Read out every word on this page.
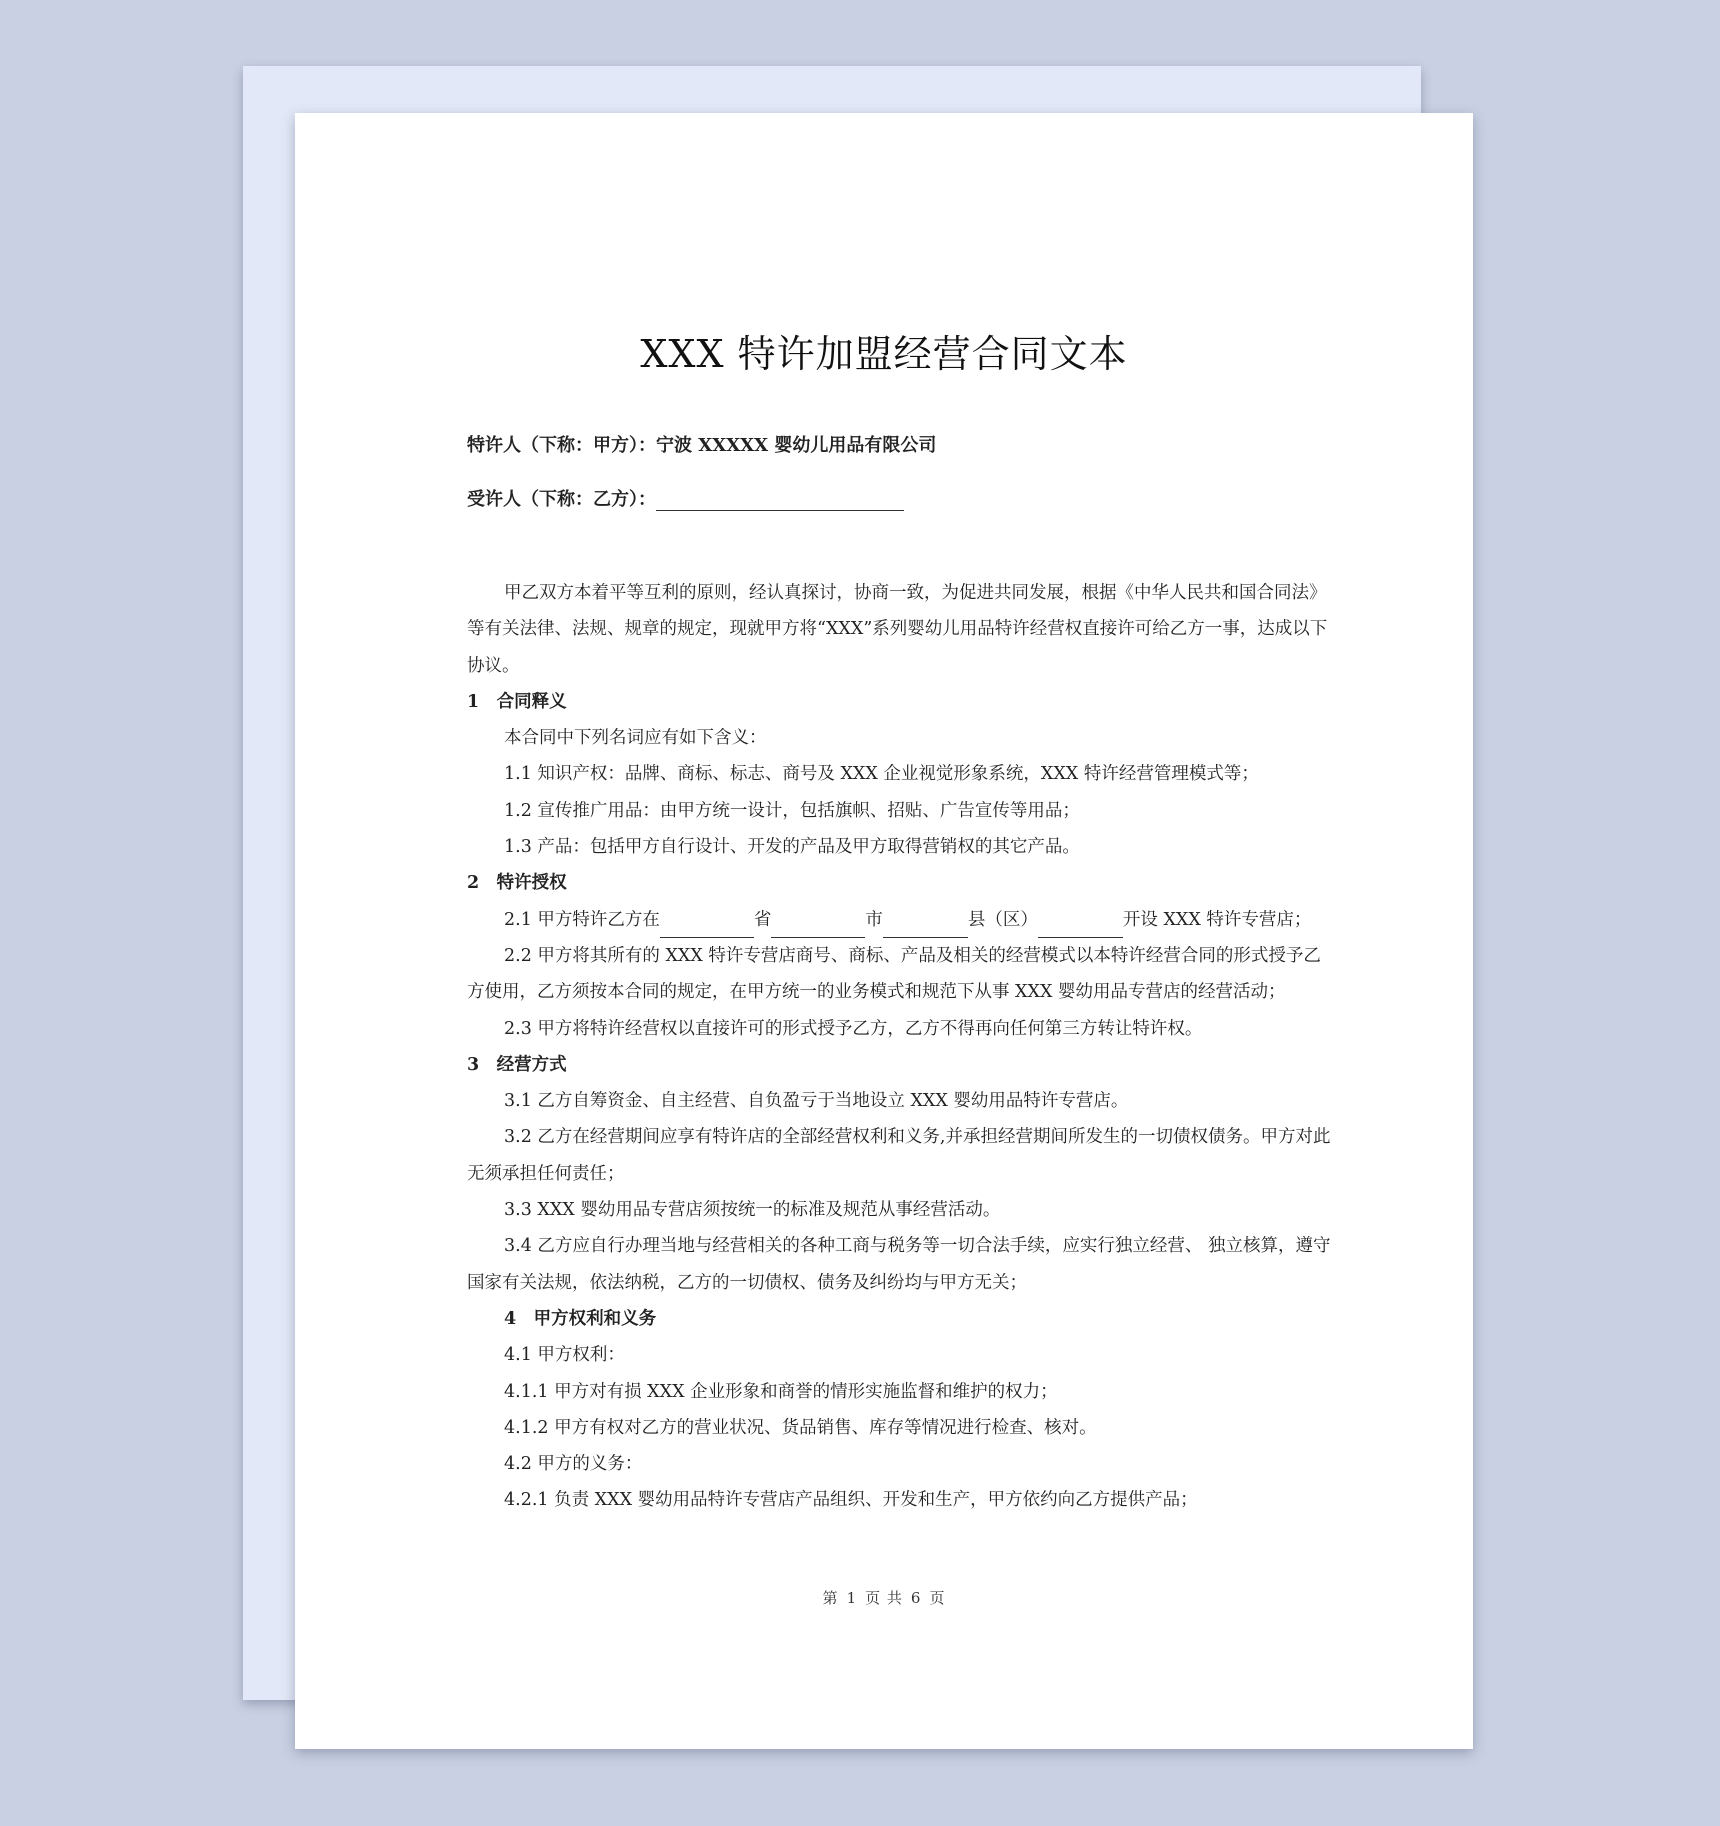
XXX 特许加盟经营合同文本

特许人（下称：甲方）：宁波 XXXXX 婴幼儿用品有限公司

受许人（下称：乙方）：

甲乙双方本着平等互利的原则，经认真探讨，协商一致，为促进共同发展，根据《中华人民共和国合同法》等有关法律、法规、规章的规定，现就甲方将“XXX”系列婴幼儿用品特许经营权直接许可给乙方一事，达成以下协议。

1　合同释义

本合同中下列名词应有如下含义：

1.1 知识产权：品牌、商标、标志、商号及 XXX 企业视觉形象系统，XXX 特许经营管理模式等；

1.2 宣传推广用品：由甲方统一设计，包括旗帜、招贴、广告宣传等用品；

1.3 产品：包括甲方自行设计、开发的产品及甲方取得营销权的其它产品。

2　特许授权

2.1 甲方特许乙方在	省	市	县（区）	开设 XXX 特许专营店；

2.2 甲方将其所有的 XXX 特许专营店商号、商标、产品及相关的经营模式以本特许经营合同的形式授予乙方使用，乙方须按本合同的规定，在甲方统一的业务模式和规范下从事 XXX 婴幼用品专营店的经营活动；

2.3 甲方将特许经营权以直接许可的形式授予乙方，乙方不得再向任何第三方转让特许权。

3　经营方式

3.1 乙方自筹资金、自主经营、自负盈亏于当地设立 XXX 婴幼用品特许专营店。

3.2 乙方在经营期间应享有特许店的全部经营权利和义务,并承担经营期间所发生的一切债权债务。甲方对此无须承担任何责任；

3.3 XXX 婴幼用品专营店须按统一的标准及规范从事经营活动。

3.4 乙方应自行办理当地与经营相关的各种工商与税务等一切合法手续，应实行独立经营、 独立核算，遵守国家有关法规，依法纳税，乙方的一切债权、债务及纠纷均与甲方无关；

4　甲方权利和义务

4.1 甲方权利：

4.1.1 甲方对有损 XXX 企业形象和商誉的情形实施监督和维护的权力；

4.1.2 甲方有权对乙方的营业状况、货品销售、库存等情况进行检查、核对。

4.2 甲方的义务：

4.2.1 负责 XXX 婴幼用品特许专营店产品组织、开发和生产，甲方依约向乙方提供产品；

第 1 页 共 6 页
